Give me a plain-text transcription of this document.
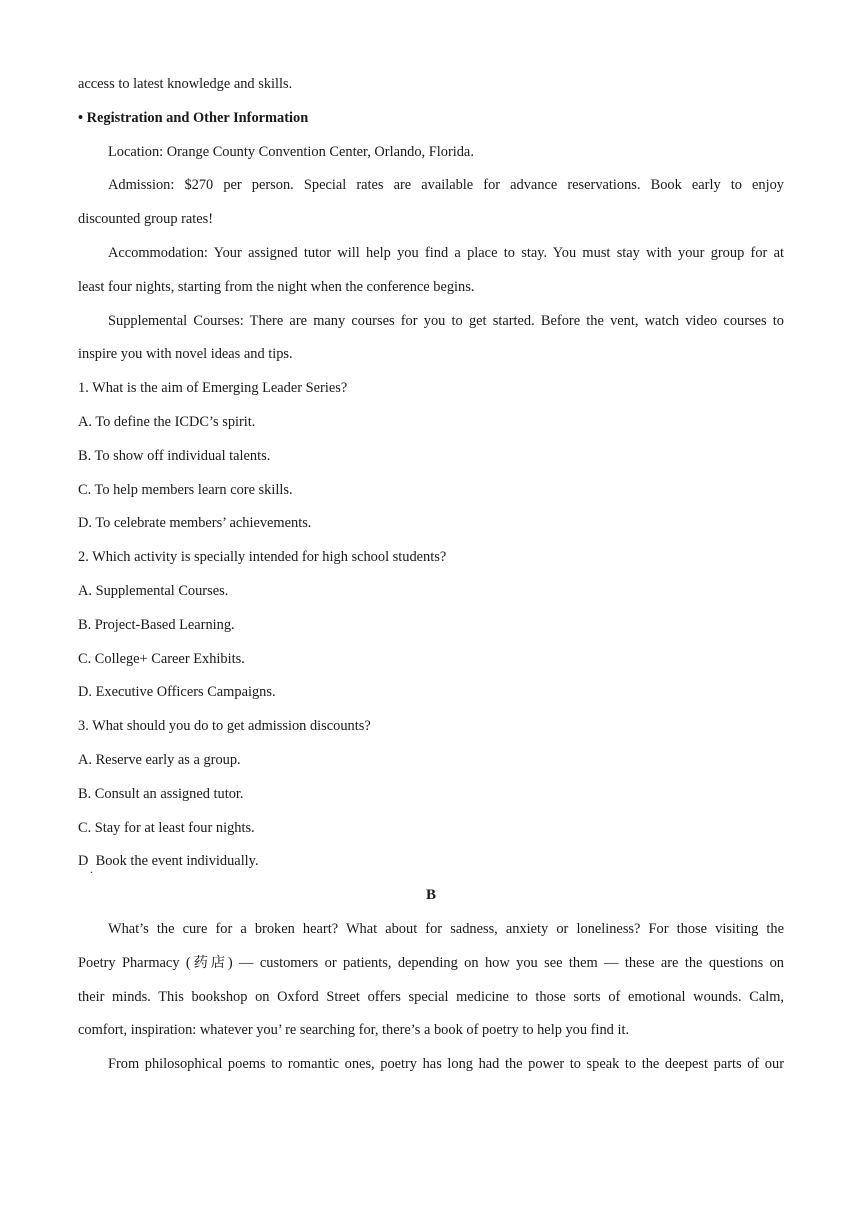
access to latest knowledge and skills.
• Registration and Other Information
Location: Orange County Convention Center, Orlando, Florida.
Admission: $270 per person. Special rates are available for advance reservations. Book early to enjoy
discounted group rates!
Accommodation: Your assigned tutor will help you find a place to stay. You must stay with your group for at
least four nights, starting from the night when the conference begins.
Supplemental Courses: There are many courses for you to get started. Before the vent, watch video courses to
inspire you with novel ideas and tips.
1. What is the aim of Emerging Leader Series?
A. To define the ICDC’s spirit.
B. To show off individual talents.
C. To help members learn core skills.
D. To celebrate members’ achievements.
2. Which activity is specially intended for high school students?
A. Supplemental Courses.
B. Project-Based Learning.
C. College+ Career Exhibits.
D. Executive Officers Campaigns.
3. What should you do to get admission discounts?
A. Reserve early as a group.
B. Consult an assigned tutor.
C. Stay for at least four nights.
D . Book the event individually.
B
What’s the cure for a broken heart? What about for sadness, anxiety or loneliness? For those visiting the
Poetry Pharmacy (药店) — customers or patients, depending on how you see them — these are the questions on
their minds. This bookshop on Oxford Street offers special medicine to those sorts of emotional wounds. Calm,
comfort, inspiration: whatever you’ re searching for, there’s a book of poetry to help you find it.
From philosophical poems to romantic ones, poetry has long had the power to speak to the deepest parts of our
